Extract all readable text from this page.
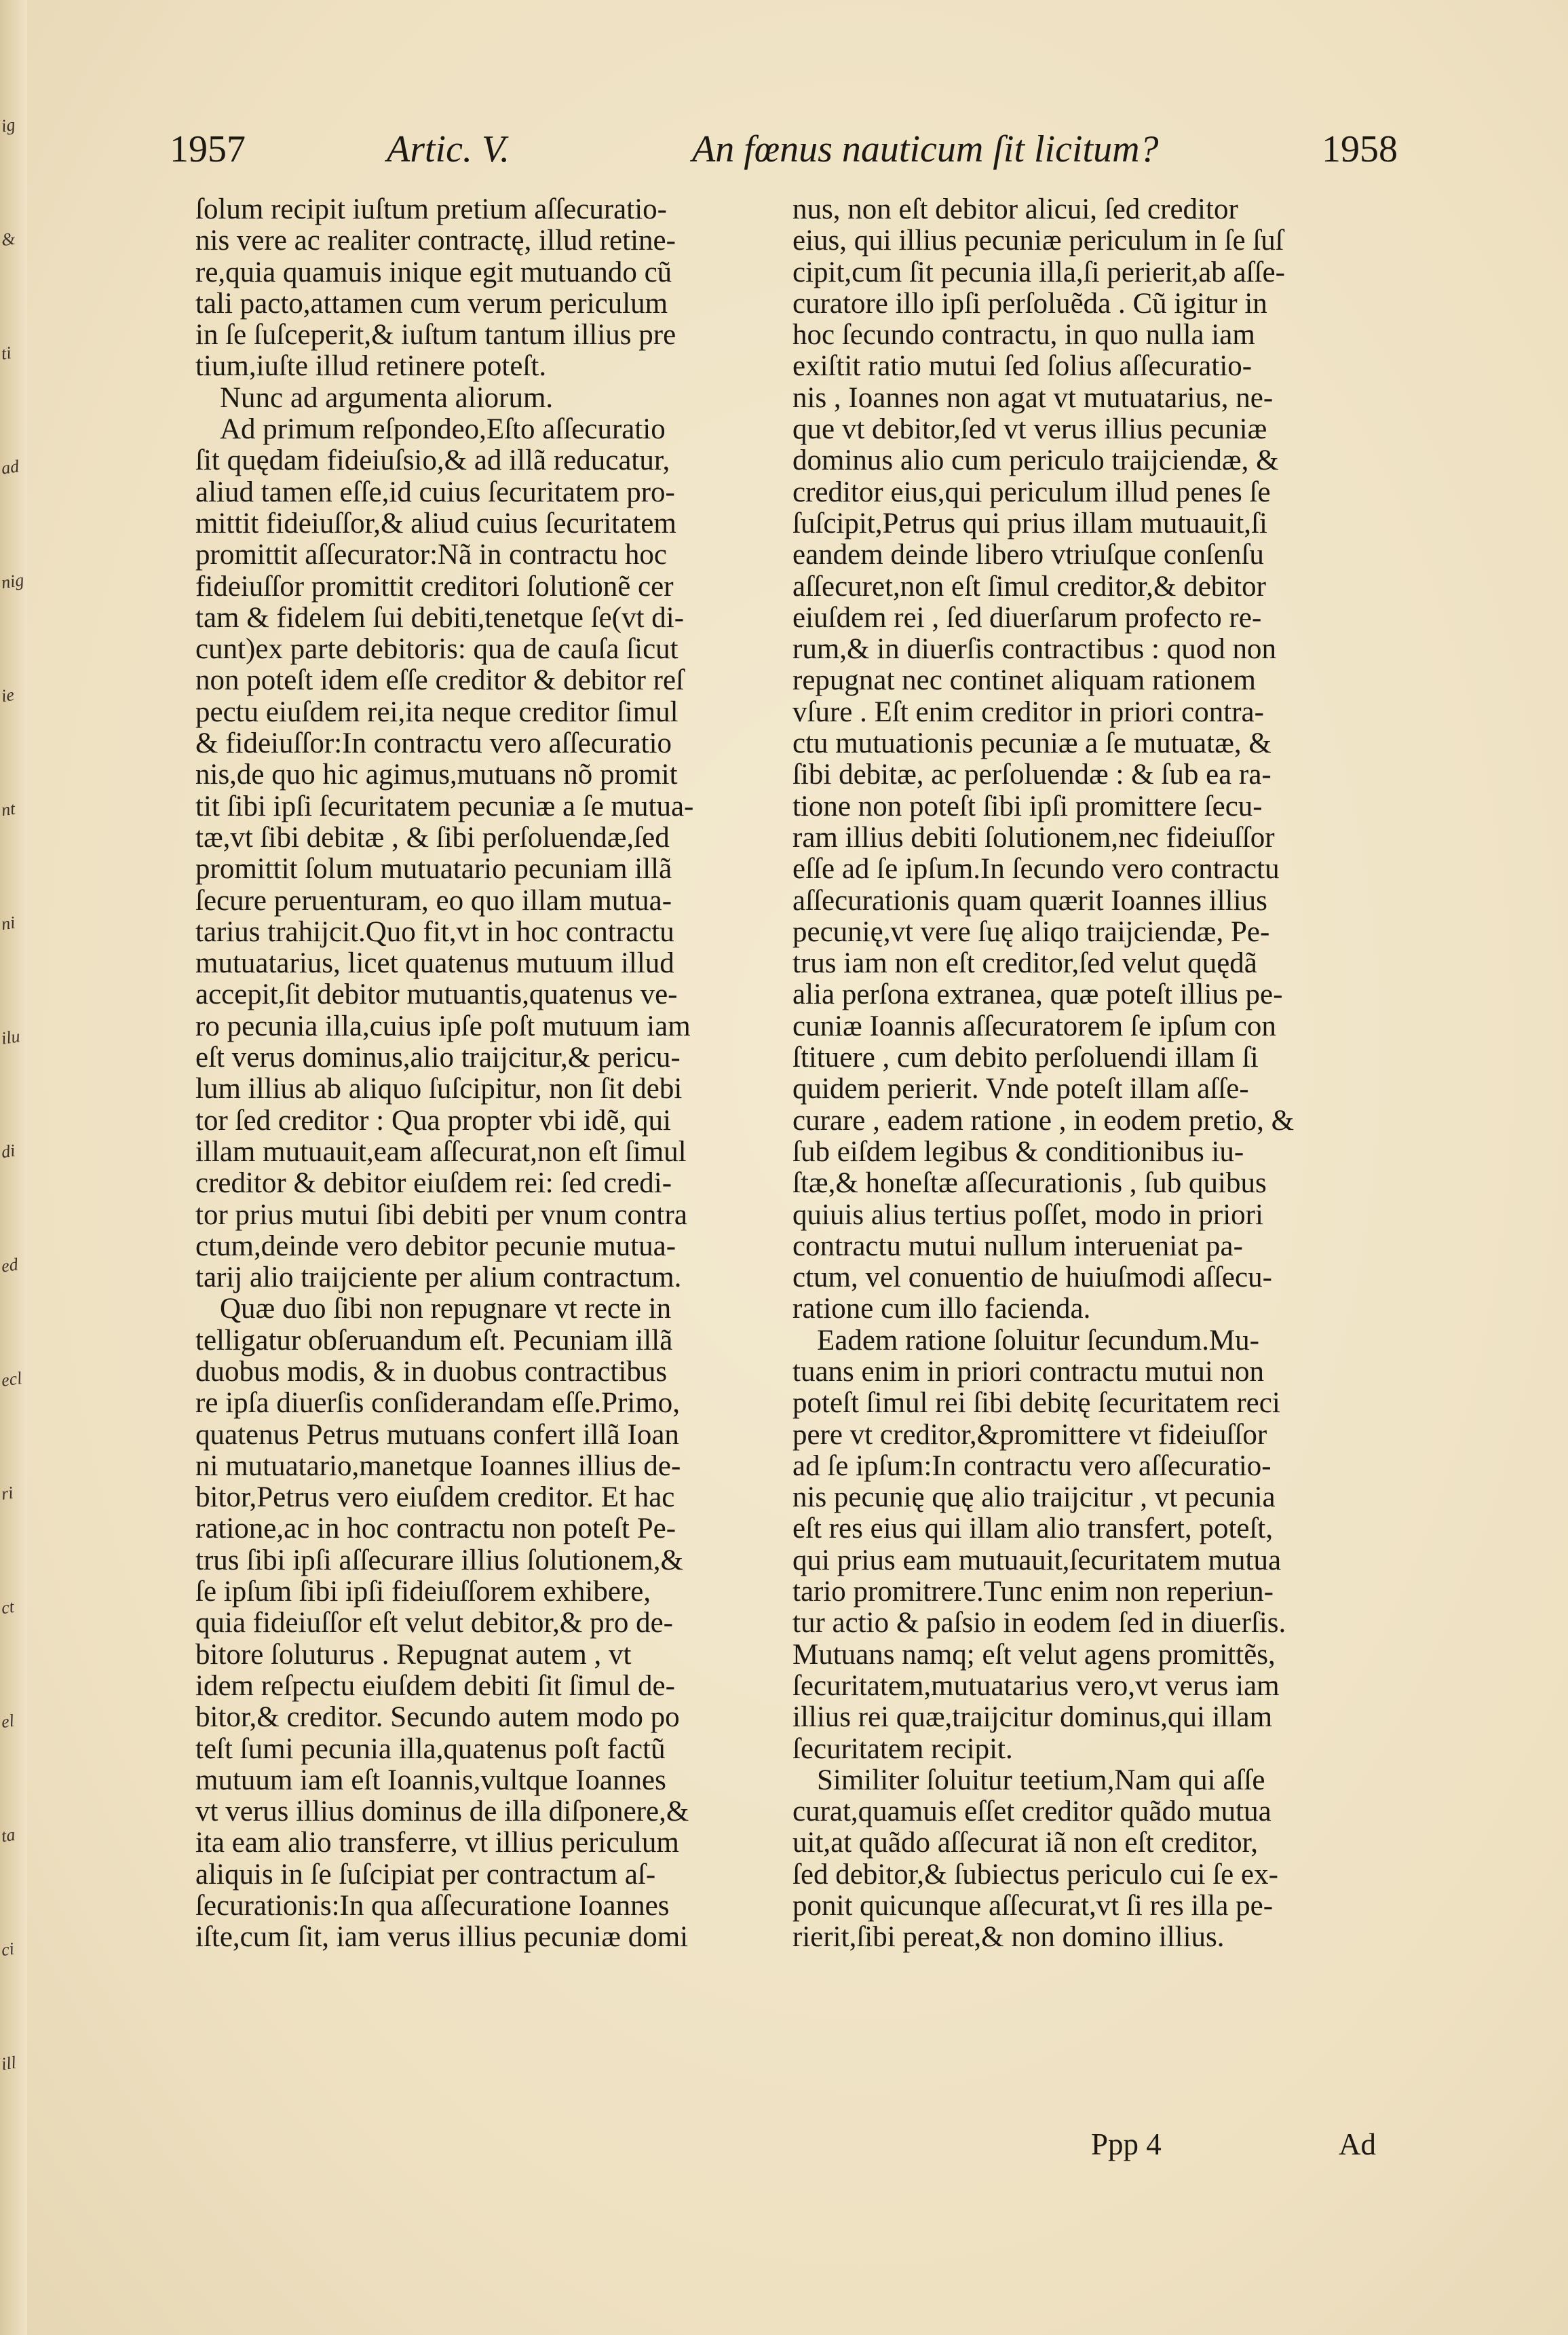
ig
&
ti
ad
nig
ie
nt
ni
ilu
di
ed
ecl
ri
ct
el
ta
ci
ill
1957	Artic. V.	An fœnus nauticum ſit licitum?	1958
ſolum recipit iuſtum pretium aſſecuratio-
nis vere ac realiter contractę, illud retine-
re,quia quamuis inique egit mutuando cũ
tali pacto,attamen cum verum periculum
in ſe ſuſceperit,& iuſtum tantum illius pre
tium,iuſte illud retinere poteſt.
Nunc ad argumenta aliorum.
Ad primum reſpondeo,Eſto aſſecuratio
ſit quędam fideiuſsio,& ad illã reducatur,
aliud tamen eſſe,id cuius ſecuritatem pro-
mittit fideiuſſor,& aliud cuius ſecuritatem
promittit aſſecurator:Nã in contractu hoc
fideiuſſor promittit creditori ſolutionẽ cer
tam & fidelem ſui debiti,tenetque ſe(vt di-
cunt)ex parte debitoris: qua de cauſa ſicut
non poteſt idem eſſe creditor & debitor reſ
pectu eiuſdem rei,ita neque creditor ſimul
& fideiuſſor:In contractu vero aſſecuratio
nis,de quo hic agimus,mutuans nõ promit
tit ſibi ipſi ſecuritatem pecuniæ a ſe mutua-
tæ,vt ſibi debitæ , & ſibi perſoluendæ,ſed
promittit ſolum mutuatario pecuniam illã
ſecure peruenturam, eo quo illam mutua-
tarius trahijcit.Quo fit,vt in hoc contractu
mutuatarius, licet quatenus mutuum illud
accepit,ſit debitor mutuantis,quatenus ve-
ro pecunia illa,cuius ipſe poſt mutuum iam
eſt verus dominus,alio traijcitur,& pericu-
lum illius ab aliquo ſuſcipitur, non ſit debi
tor ſed creditor : Qua propter vbi idẽ, qui
illam mutuauit,eam aſſecurat,non eſt ſimul
creditor & debitor eiuſdem rei: ſed credi-
tor prius mutui ſibi debiti per vnum contra
ctum,deinde vero debitor pecunie mutua-
tarij alio traijciente per alium contractum.
Quæ duo ſibi non repugnare vt recte in
telligatur obſeruandum eſt. Pecuniam illã
duobus modis, & in duobus contractibus
re ipſa diuerſis conſiderandam eſſe.Primo,
quatenus Petrus mutuans confert illã Ioan
ni mutuatario,manetque Ioannes illius de-
bitor,Petrus vero eiuſdem creditor. Et hac
ratione,ac in hoc contractu non poteſt Pe-
trus ſibi ipſi aſſecurare illius ſolutionem,&
ſe ipſum ſibi ipſi fideiuſſorem exhibere,
quia fideiuſſor eſt velut debitor,& pro de-
bitore ſoluturus . Repugnat autem , vt
idem reſpectu eiuſdem debiti ſit ſimul de-
bitor,& creditor. Secundo autem modo po
teſt ſumi pecunia illa,quatenus poſt factũ
mutuum iam eſt Ioannis,vultque Ioannes
vt verus illius dominus de illa diſponere,&
ita eam alio transferre, vt illius periculum
aliquis in ſe ſuſcipiat per contractum aſ-
ſecurationis:In qua aſſecuratione Ioannes
iſte,cum ſit, iam verus illius pecuniæ domi
nus, non eſt debitor alicui, ſed creditor
eius, qui illius pecuniæ periculum in ſe ſuſ
cipit,cum ſit pecunia illa,ſi perierit,ab aſſe-
curatore illo ipſi perſoluẽda . Cũ igitur in
hoc ſecundo contractu, in quo nulla iam
exiſtit ratio mutui ſed ſolius aſſecuratio-
nis , Ioannes non agat vt mutuatarius, ne-
que vt debitor,ſed vt verus illius pecuniæ
dominus alio cum periculo traijciendæ, &
creditor eius,qui periculum illud penes ſe
ſuſcipit,Petrus qui prius illam mutuauit,ſi
eandem deinde libero vtriuſque conſenſu
aſſecuret,non eſt ſimul creditor,& debitor
eiuſdem rei , ſed diuerſarum profecto re-
rum,& in diuerſis contractibus : quod non
repugnat nec continet aliquam rationem
vſure . Eſt enim creditor in priori contra-
ctu mutuationis pecuniæ a ſe mutuatæ, &
ſibi debitæ, ac perſoluendæ : & ſub ea ra-
tione non poteſt ſibi ipſi promittere ſecu-
ram illius debiti ſolutionem,nec fideiuſſor
eſſe ad ſe ipſum.In ſecundo vero contractu
aſſecurationis quam quærit Ioannes illius
pecunię,vt vere ſuę aliqo traijciendæ, Pe-
trus iam non eſt creditor,ſed velut quędã
alia perſona extranea, quæ poteſt illius pe-
cuniæ Ioannis aſſecuratorem ſe ipſum con
ſtituere , cum debito perſoluendi illam ſi
quidem perierit. Vnde poteſt illam aſſe-
curare , eadem ratione , in eodem pretio, &
ſub eiſdem legibus & conditionibus iu-
ſtæ,& honeſtæ aſſecurationis , ſub quibus
quiuis alius tertius poſſet, modo in priori
contractu mutui nullum interueniat pa-
ctum, vel conuentio de huiuſmodi aſſecu-
ratione cum illo facienda.
Eadem ratione ſoluitur ſecundum.Mu-
tuans enim in priori contractu mutui non
poteſt ſimul rei ſibi debitę ſecuritatem reci
pere vt creditor,&promittere vt fideiuſſor
ad ſe ipſum:In contractu vero aſſecuratio-
nis pecunię quę alio traijcitur , vt pecunia
eſt res eius qui illam alio transfert, poteſt,
qui prius eam mutuauit,ſecuritatem mutua
tario promitrere.Tunc enim non reperiun-
tur actio & paſsio in eodem ſed in diuerſis.
Mutuans namq; eſt velut agens promittẽs,
ſecuritatem,mutuatarius vero,vt verus iam
illius rei quæ,traijcitur dominus,qui illam
ſecuritatem recipit.
Similiter ſoluitur teetium,Nam qui aſſe
curat,quamuis eſſet creditor quãdo mutua
uit,at quãdo aſſecurat iã non eſt creditor,
ſed debitor,& ſubiectus periculo cui ſe ex-
ponit quicunque aſſecurat,vt ſi res illa pe-
rierit,ſibi pereat,& non domino illius.
Ppp 4	Ad
